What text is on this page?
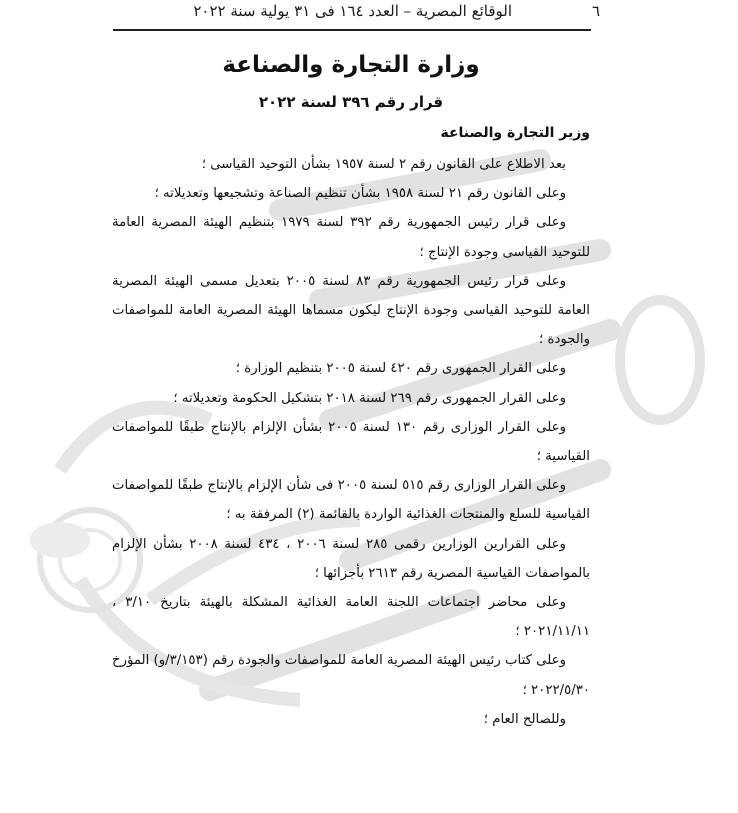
٦
الوقائع المصرية – العدد ١٦٤ فى ٣١ يولية سنة ٢٠٢٢
وزارة التجارة والصناعة
قرار رقم ٣٩٦ لسنة ٢٠٢٢
وزير التجارة والصناعة

بعد الاطلاع على القانون رقم ٢ لسنة ١٩٥٧ بشأن التوحيد القياسى ؛

وعلى القانون رقم ٢١ لسنة ١٩٥٨ بشأن تنظيم الصناعة وتشجيعها وتعديلاته ؛

وعلى قرار رئيس الجمهورية رقم ٣٩٢ لسنة ١٩٧٩ بتنظيم الهيئة المصرية العامة للتوحيد القياسى وجودة الإنتاج ؛

وعلى قرار رئيس الجمهورية رقم ٨٣ لسنة ٢٠٠٥ بتعديل مسمى الهيئة المصرية العامة للتوحيد القياسى وجودة الإنتاج ليكون مسماها الهيئة المصرية العامة للمواصفات والجودة ؛

وعلى القرار الجمهورى رقم ٤٢٠ لسنة ٢٠٠٥ بتنظيم الوزارة ؛

وعلى القرار الجمهورى رقم ٢٦٩ لسنة ٢٠١٨ بتشكيل الحكومة وتعديلاته ؛

وعلى القرار الوزارى رقم ١٣٠ لسنة ٢٠٠٥ بشأن الإلزام بالإنتاج طبقًا للمواصفات القياسية ؛

وعلى القرار الوزارى رقم ٥١٥ لسنة ٢٠٠٥ فى شأن الإلزام بالإنتاج طبقًا للمواصفات القياسية للسلع والمنتجات الغذائية الواردة بالقائمة (٢) المرفقة به ؛

وعلى القرارين الوزارين رقمى ٢٨٥ لسنة ٢٠٠٦ ، ٤٣٤ لسنة ٢٠٠٨ بشأن الإلزام بالمواصفات القياسية المصرية رقم ٢٦١٣ بأجزائها ؛

وعلى محاضر اجتماعات اللجنة العامة الغذائية المشكلة بالهيئة بتاريخ ٣/١٠ ، ٢٠٢١/١١/١١ ؛

وعلى كتاب رئيس الهيئة المصرية العامة للمواصفات والجودة رقم (٣/١٥٣/و) المؤرخ ٢٠٢٢/٥/٣٠ ؛

وللصالح العام ؛
